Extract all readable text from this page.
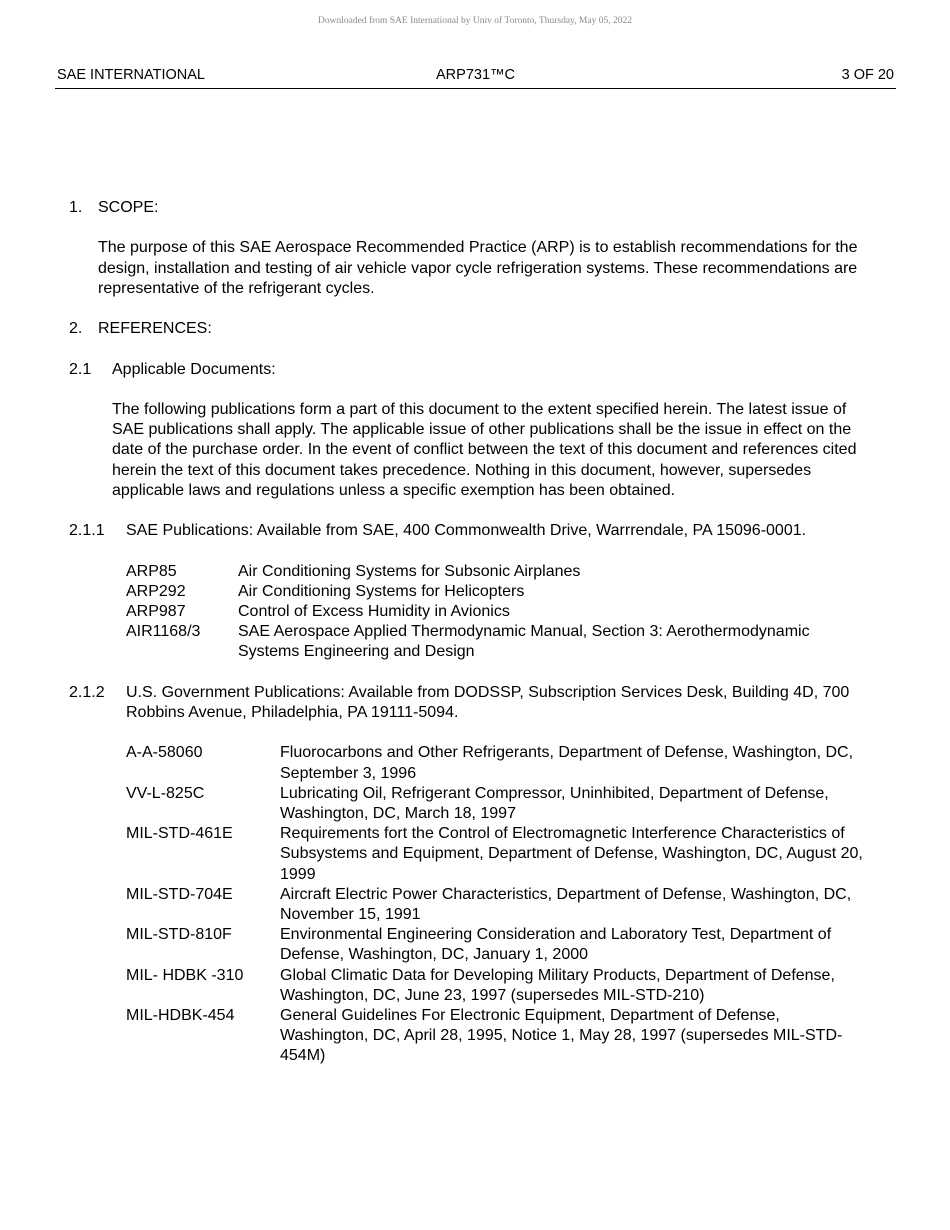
Downloaded from SAE International by Univ of Toronto, Thursday, May 05, 2022
SAE INTERNATIONAL	ARP731™C	3 OF 20
1. SCOPE:
The purpose of this SAE Aerospace Recommended Practice (ARP) is to establish recommendations for the design, installation and testing of air vehicle vapor cycle refrigeration systems. These recommendations are representative of the refrigerant cycles.
2. REFERENCES:
2.1	Applicable Documents:
The following publications form a part of this document to the extent specified herein. The latest issue of SAE publications shall apply. The applicable issue of other publications shall be the issue in effect on the date of the purchase order. In the event of conflict between the text of this document and references cited herein the text of this document takes precedence. Nothing in this document, however, supersedes applicable laws and regulations unless a specific exemption has been obtained.
2.1.1	SAE Publications: Available from SAE, 400 Commonwealth Drive, Warrrendale, PA 15096-0001.
ARP85	Air Conditioning Systems for Subsonic Airplanes
ARP292	Air Conditioning Systems for Helicopters
ARP987	Control of Excess Humidity in Avionics
AIR1168/3	SAE Aerospace Applied Thermodynamic Manual, Section 3: Aerothermodynamic Systems Engineering and Design
2.1.2	U.S. Government Publications: Available from DODSSP, Subscription Services Desk, Building 4D, 700 Robbins Avenue, Philadelphia, PA 19111-5094.
A-A-58060	Fluorocarbons and Other Refrigerants, Department of Defense, Washington, DC, September 3, 1996
VV-L-825C	Lubricating Oil, Refrigerant Compressor, Uninhibited, Department of Defense, Washington, DC, March 18, 1997
MIL-STD-461E	Requirements fort the Control of Electromagnetic Interference Characteristics of Subsystems and Equipment, Department of Defense, Washington, DC, August 20, 1999
MIL-STD-704E	Aircraft Electric Power Characteristics, Department of Defense, Washington, DC, November 15, 1991
MIL-STD-810F	Environmental Engineering Consideration and Laboratory Test, Department of Defense, Washington, DC, January 1, 2000
MIL- HDBK -310	Global Climatic Data for Developing Military Products, Department of Defense, Washington, DC, June 23, 1997 (supersedes MIL-STD-210)
MIL-HDBK-454	General Guidelines For Electronic Equipment, Department of Defense, Washington, DC, April 28, 1995, Notice 1, May 28, 1997 (supersedes MIL-STD-454M)
